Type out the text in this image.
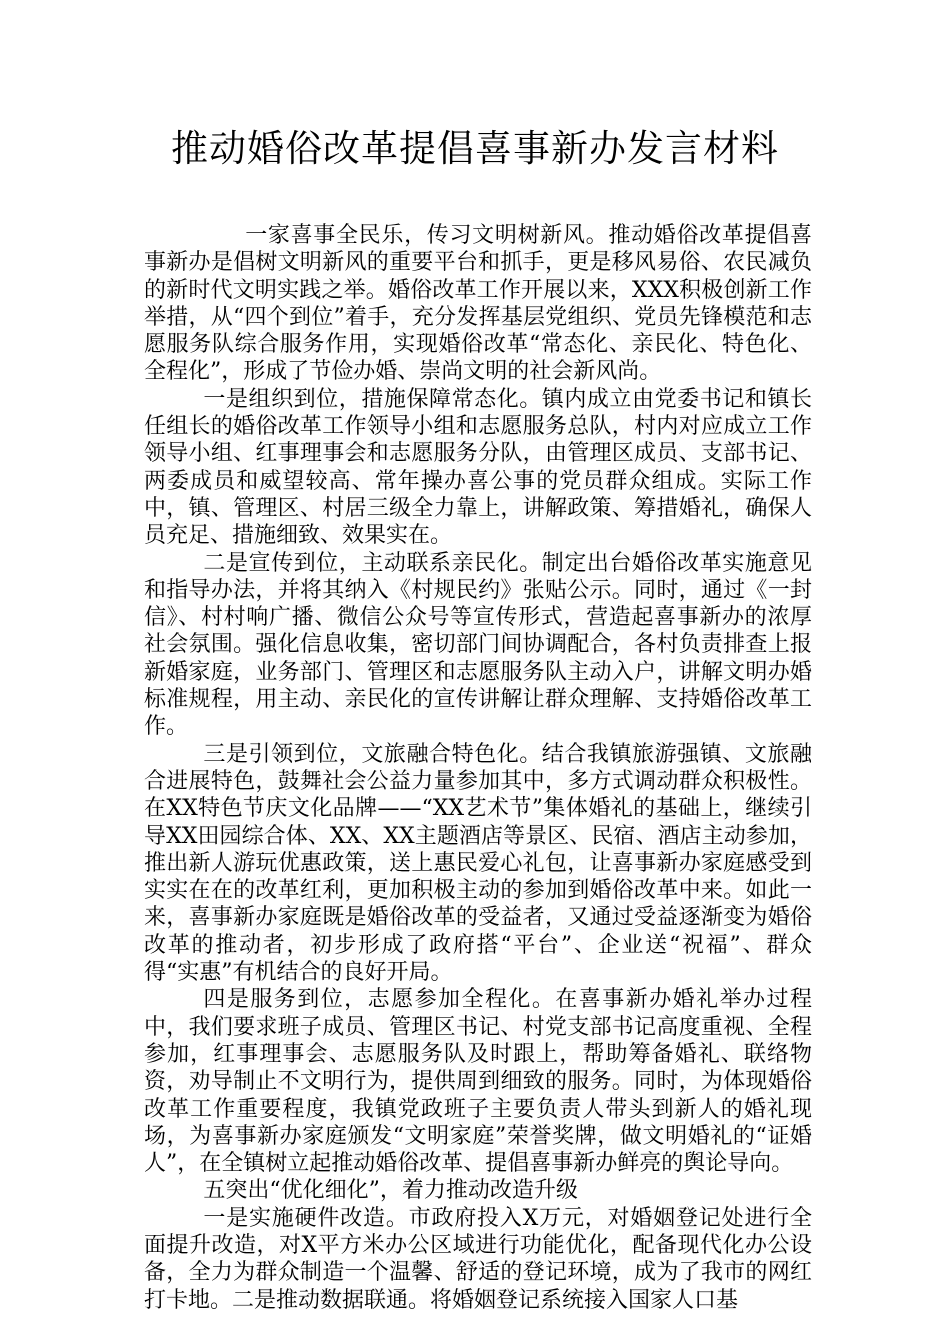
推动婚俗改革提倡喜事新办发言材料

一家喜事全民乐，传习文明树新风。推动婚俗改革提倡喜事新办是倡树文明新风的重要平台和抓手，更是移风易俗、农民减负的新时代文明实践之举。婚俗改革工作开展以来，XXX积极创新工作举措，从“四个到位”着手，充分发挥基层党组织、党员先锋模范和志愿服务队综合服务作用，实现婚俗改革“常态化、亲民化、特色化、全程化”，形成了节俭办婚、崇尚文明的社会新风尚。

一是组织到位，措施保障常态化。镇内成立由党委书记和镇长任组长的婚俗改革工作领导小组和志愿服务总队，村内对应成立工作领导小组、红事理事会和志愿服务分队，由管理区成员、支部书记、两委成员和威望较高、常年操办喜公事的党员群众组成。实际工作中，镇、管理区、村居三级全力靠上，讲解政策、筹措婚礼，确保人员充足、措施细致、效果实在。

二是宣传到位，主动联系亲民化。制定出台婚俗改革实施意见和指导办法，并将其纳入《村规民约》张贴公示。同时，通过《一封信》、村村响广播、微信公众号等宣传形式，营造起喜事新办的浓厚社会氛围。强化信息收集，密切部门间协调配合，各村负责排查上报新婚家庭，业务部门、管理区和志愿服务队主动入户，讲解文明办婚标准规程，用主动、亲民化的宣传讲解让群众理解、支持婚俗改革工作。

三是引领到位，文旅融合特色化。结合我镇旅游强镇、文旅融合进展特色，鼓舞社会公益力量参加其中，多方式调动群众积极性。在XX特色节庆文化品牌——“XX艺术节”集体婚礼的基础上，继续引导XX田园综合体、XX、XX主题酒店等景区、民宿、酒店主动参加，推出新人游玩优惠政策，送上惠民爱心礼包，让喜事新办家庭感受到实实在在的改革红利，更加积极主动的参加到婚俗改革中来。如此一来，喜事新办家庭既是婚俗改革的受益者，又通过受益逐渐变为婚俗改革的推动者，初步形成了政府搭“平台”、企业送“祝福”、群众得“实惠”有机结合的良好开局。

四是服务到位，志愿参加全程化。在喜事新办婚礼举办过程中，我们要求班子成员、管理区书记、村党支部书记高度重视、全程参加，红事理事会、志愿服务队及时跟上，帮助筹备婚礼、联络物资，劝导制止不文明行为，提供周到细致的服务。同时，为体现婚俗改革工作重要程度，我镇党政班子主要负责人带头到新人的婚礼现场，为喜事新办家庭颁发“文明家庭”荣誉奖牌，做文明婚礼的“证婚人”，在全镇树立起推动婚俗改革、提倡喜事新办鲜亮的舆论导向。

五突出“优化细化”，着力推动改造升级

一是实施硬件改造。市政府投入X万元，对婚姻登记处进行全面提升改造，对X平方米办公区域进行功能优化，配备现代化办公设备，全力为群众制造一个温馨、舒适的登记环境，成为了我市的网红打卡地。二是推动数据联通。将婚姻登记系统接入国家人口基
